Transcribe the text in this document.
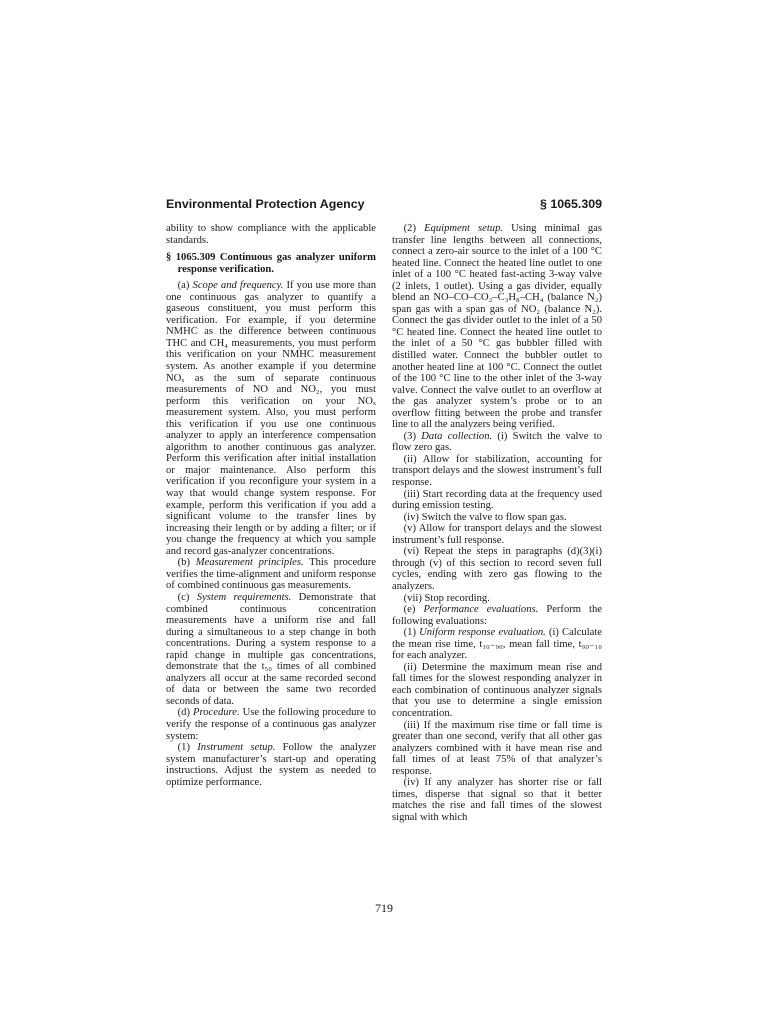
Environmental Protection Agency	§ 1065.309

ability to show compliance with the applicable standards.

§ 1065.309 Continuous gas analyzer uniform response verification.

(a) Scope and frequency. If you use more than one continuous gas analyzer to quantify a gaseous constituent, you must perform this verification. For example, if you determine NMHC as the difference between continuous THC and CH₄ measurements, you must perform this verification on your NMHC measurement system. As another example if you determine NOₓ as the sum of separate continuous measurements of NO and NO₂, you must perform this verification on your NOₓ measurement system. Also, you must perform this verification if you use one continuous analyzer to apply an interference compensation algorithm to another continuous gas analyzer. Perform this verification after initial installation or major maintenance. Also perform this verification if you reconfigure your system in a way that would change system response. For example, perform this verification if you add a significant volume to the transfer lines by increasing their length or by adding a filter; or if you change the frequency at which you sample and record gas-analyzer concentrations.

(b) Measurement principles. This procedure verifies the time-alignment and uniform response of combined continuous gas measurements.

(c) System requirements. Demonstrate that combined continuous concentration measurements have a uniform rise and fall during a simultaneous to a step change in both concentrations. During a system response to a rapid change in multiple gas concentrations, demonstrate that the t₅₀ times of all combined analyzers all occur at the same recorded second of data or between the same two recorded seconds of data.

(d) Procedure. Use the following procedure to verify the response of a continuous gas analyzer system:

(1) Instrument setup. Follow the analyzer system manufacturer’s start-up and operating instructions. Adjust the system as needed to optimize performance.

(2) Equipment setup. Using minimal gas transfer line lengths between all connections, connect a zero-air source to the inlet of a 100 °C heated line. Connect the heated line outlet to one inlet of a 100 °C heated fast-acting 3-way valve (2 inlets, 1 outlet). Using a gas divider, equally blend an NO–CO–CO₂–C₃H₈–CH₄ (balance N₂) span gas with a span gas of NO₂ (balance N₂). Connect the gas divider outlet to the inlet of a 50 °C heated line. Connect the heated line outlet to the inlet of a 50 °C gas bubbler filled with distilled water. Connect the bubbler outlet to another heated line at 100 °C. Connect the outlet of the 100 °C line to the other inlet of the 3-way valve. Connect the valve outlet to an overflow at the gas analyzer system’s probe or to an overflow fitting between the probe and transfer line to all the analyzers being verified.

(3) Data collection. (i) Switch the valve to flow zero gas.

(ii) Allow for stabilization, accounting for transport delays and the slowest instrument’s full response.

(iii) Start recording data at the frequency used during emission testing.

(iv) Switch the valve to flow span gas.

(v) Allow for transport delays and the slowest instrument’s full response.

(vi) Repeat the steps in paragraphs (d)(3)(i) through (v) of this section to record seven full cycles, ending with zero gas flowing to the analyzers.

(vii) Stop recording.

(e) Performance evaluations. Perform the following evaluations:

(1) Uniform response evaluation. (i) Calculate the mean rise time, t₁₀₋₉₀, mean fall time, t₉₀₋₁₀ for each analyzer.

(ii) Determine the maximum mean rise and fall times for the slowest responding analyzer in each combination of continuous analyzer signals that you use to determine a single emission concentration.

(iii) If the maximum rise time or fall time is greater than one second, verify that all other gas analyzers combined with it have mean rise and fall times of at least 75% of that analyzer’s response.

(iv) If any analyzer has shorter rise or fall times, disperse that signal so that it better matches the rise and fall times of the slowest signal with which

719
